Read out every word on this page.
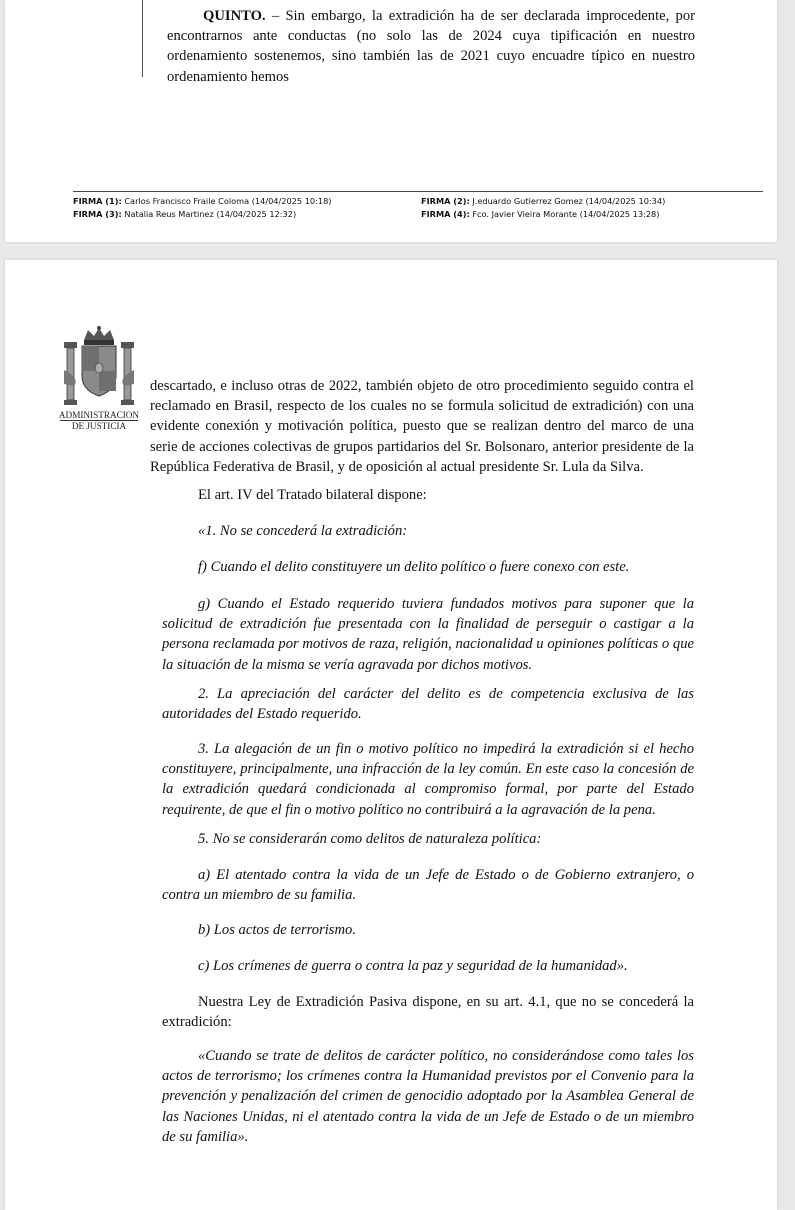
QUINTO. – Sin embargo, la extradición ha de ser declarada improcedente, por encontrarnos ante conductas (no solo las de 2024 cuya tipificación en nuestro ordenamiento sostenemos, sino también las de 2021 cuyo encuadre típico en nuestro ordenamiento hemos
FIRMA (1): Carlos Francisco Fraile Coloma (14/04/2025 10:18)	FIRMA (2): J.eduardo Gutierrez Gomez (14/04/2025 10:34)
FIRMA (3): Natalia Reus Martinez (14/04/2025 12:32)	FIRMA (4): Fco. Javier Vieira Morante (14/04/2025 13:28)
ADMINISTRACION
DE JUSTICIA
descartado, e incluso otras de 2022, también objeto de otro procedimiento seguido contra el reclamado en Brasil, respecto de los cuales no se formula solicitud de extradición) con una evidente conexión y motivación política, puesto que se realizan dentro del marco de una serie de acciones colectivas de grupos partidarios del Sr. Bolsonaro, anterior presidente de la República Federativa de Brasil, y de oposición al actual presidente Sr. Lula da Silva.
El art. IV del Tratado bilateral dispone:
«1. No se concederá la extradición:
f) Cuando el delito constituyere un delito político o fuere conexo con este.
g) Cuando el Estado requerido tuviera fundados motivos para suponer que la solicitud de extradición fue presentada con la finalidad de perseguir o castigar a la persona reclamada por motivos de raza, religión, nacionalidad u opiniones políticas o que la situación de la misma se vería agravada por dichos motivos.
2. La apreciación del carácter del delito es de competencia exclusiva de las autoridades del Estado requerido.
3. La alegación de un fin o motivo político no impedirá la extradición si el hecho constituyere, principalmente, una infracción de la ley común. En este caso la concesión de la extradición quedará condicionada al compromiso formal, por parte del Estado requirente, de que el fin o motivo político no contribuirá a la agravación de la pena.
5. No se considerarán como delitos de naturaleza política:
a) El atentado contra la vida de un Jefe de Estado o de Gobierno extranjero, o contra un miembro de su familia.
b) Los actos de terrorismo.
c) Los crímenes de guerra o contra la paz y seguridad de la humanidad».
Nuestra Ley de Extradición Pasiva dispone, en su art. 4.1, que no se concederá la extradición:
«Cuando se trate de delitos de carácter político, no considerándose como tales los actos de terrorismo; los crímenes contra la Humanidad previstos por el Convenio para la prevención y penalización del crimen de genocidio adoptado por la Asamblea General de las Naciones Unidas, ni el atentado contra la vida de un Jefe de Estado o de un miembro de su familia».
